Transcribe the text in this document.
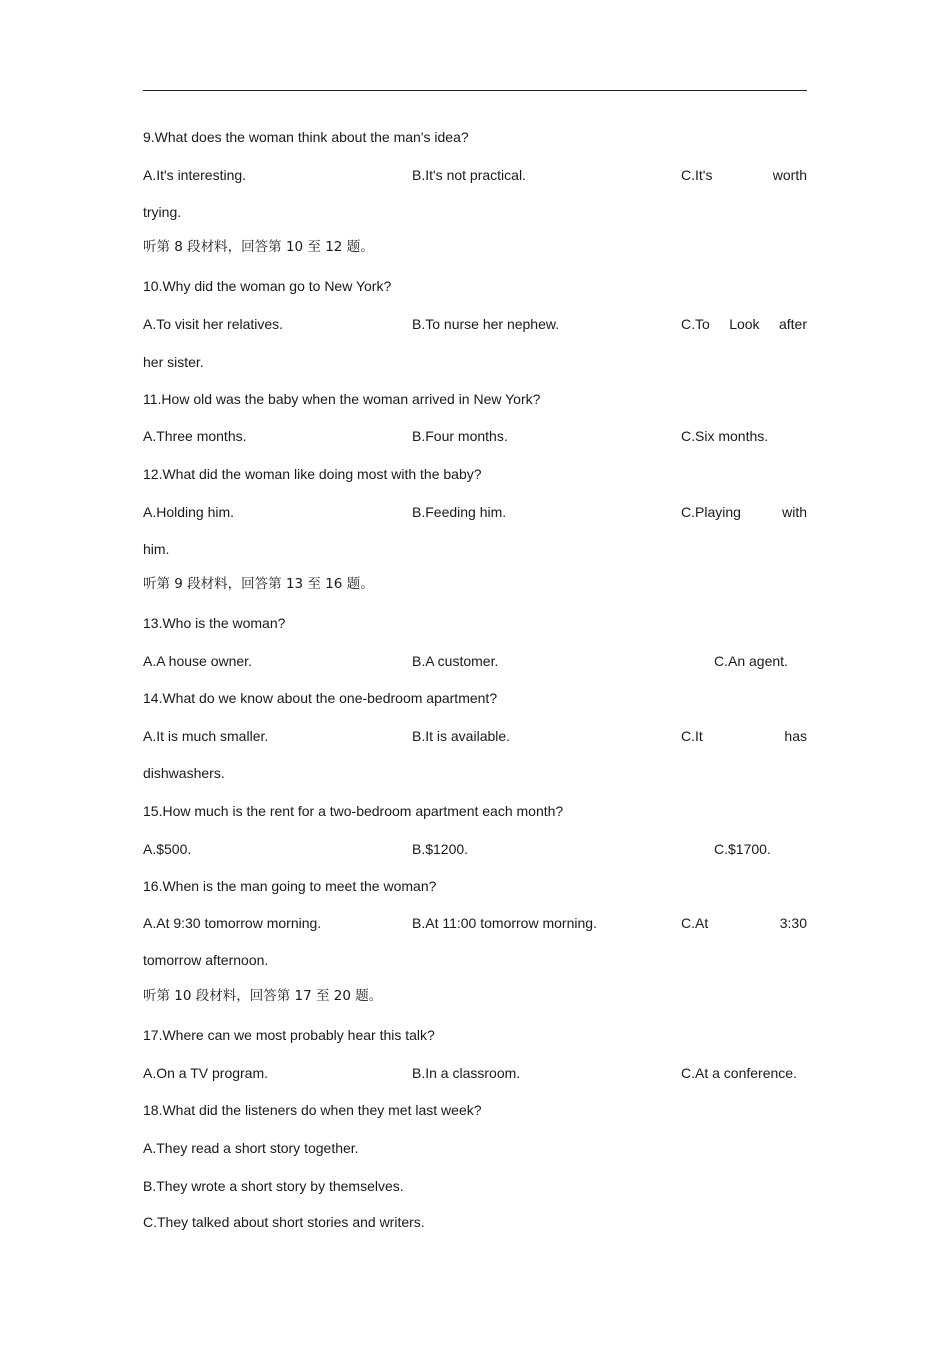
9.What does the woman think about the man's idea?
A.It's interesting.	B.It's not practical.	C.It's	worth
trying.
听第 8 段材料，回答第 10 至 12 题。
10.Why did the woman go to New York?
A.To visit her relatives.	B.To nurse her nephew.	C.To Look after
her sister.
11.How old was the baby when the woman arrived in New York?
A.Three months.	B.Four months.	C.Six months.
12.What did the woman like doing most with the baby?
A.Holding him.	B.Feeding him.	C.Playing	with
him.
听第 9 段材料，回答第 13 至 16 题。
13.Who is the woman?
A.A house owner.	B.A customer.	C.An agent.
14.What do we know about the one-bedroom apartment?
A.It is much smaller.	B.It is available.	C.It	has
dishwashers.
15.How much is the rent for a two-bedroom apartment each month?
A.$500.	B.$1200.	C.$1700.
16.When is the man going to meet the woman?
A.At 9:30 tomorrow morning.	B.At 11:00 tomorrow morning.	C.At	3:30
tomorrow afternoon.
听第 10 段材料，回答第 17 至 20 题。
17.Where can we most probably hear this talk?
A.On a TV program.	B.In a classroom.	C.At a conference.
18.What did the listeners do when they met last week?
A.They read a short story together.
B.They wrote a short story by themselves.
C.They talked about short stories and writers.
